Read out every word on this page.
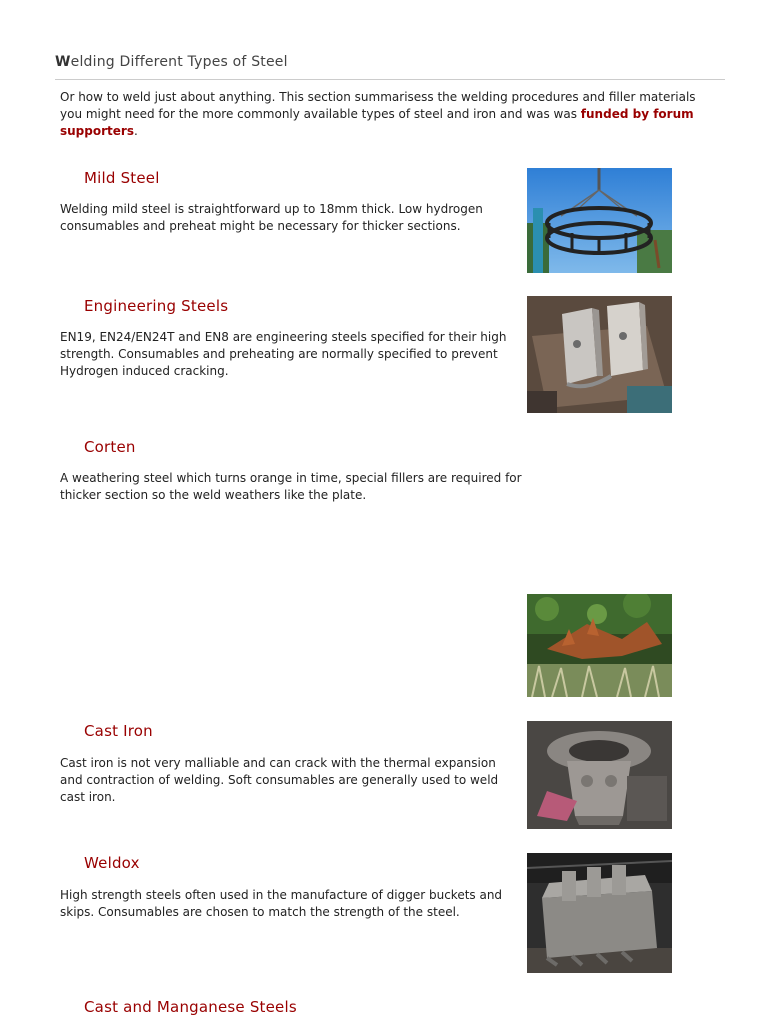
Welding Different Types of Steel
Or how to weld just about anything. This section summarisess the welding procedures and filler materials you might need for the more commonly available types of steel and iron and was was funded by forum supporters.
Mild Steel
Welding mild steel is straightforward up to 18mm thick. Low hydrogen consumables and preheat might be necessary for thicker sections.
Engineering Steels
EN19, EN24/EN24T and EN8 are engineering steels specified for their high strength. Consumables and preheating are normally specified to prevent Hydrogen induced cracking.
Corten
A weathering steel which turns orange in time, special fillers are required for thicker section so the weld weathers like the plate.
Cast Iron
Cast iron is not very malliable and can crack with the thermal expansion and contraction of welding. Soft consumables are generally used to weld cast iron.
Weldox
High strength steels often used in the manufacture of digger buckets and skips. Consumables are chosen to match the strength of the steel.
Cast and Manganese Steels
